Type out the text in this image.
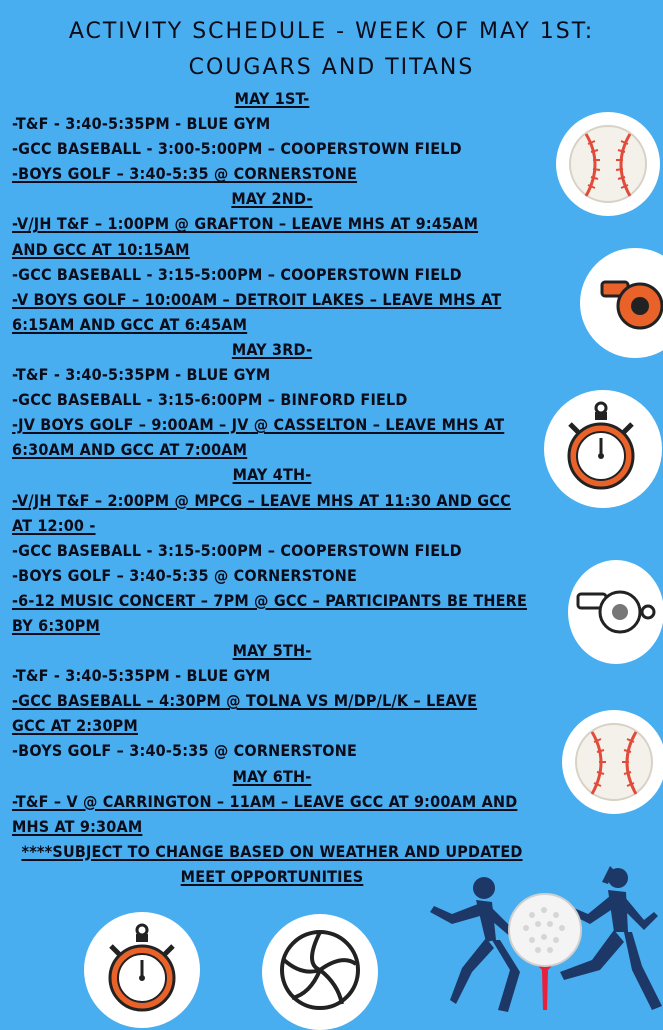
ACTIVITY SCHEDULE - WEEK OF MAY 1ST:
COUGARS AND TITANS
MAY 1ST-
-T&F - 3:40-5:35PM - BLUE GYM
-GCC BASEBALL - 3:00-5:00PM – COOPERSTOWN FIELD
-BOYS GOLF – 3:40-5:35 @ CORNERSTONE
MAY 2ND-
-V/JH T&F – 1:00PM @ GRAFTON – LEAVE MHS AT 9:45AM
AND GCC AT 10:15AM
-GCC BASEBALL - 3:15-5:00PM – COOPERSTOWN FIELD
-V BOYS GOLF – 10:00AM – DETROIT LAKES – LEAVE MHS AT
6:15AM AND GCC AT 6:45AM
MAY 3RD-
-T&F - 3:40-5:35PM - BLUE GYM
-GCC BASEBALL - 3:15-6:00PM – BINFORD FIELD
-JV BOYS GOLF – 9:00AM – JV @ CASSELTON – LEAVE MHS AT
6:30AM AND GCC AT 7:00AM
MAY 4TH-
-V/JH T&F – 2:00PM @ MPCG – LEAVE MHS AT 11:30 AND GCC
AT 12:00 -
-GCC BASEBALL - 3:15-5:00PM – COOPERSTOWN FIELD
-BOYS GOLF – 3:40-5:35 @ CORNERSTONE
-6-12 MUSIC CONCERT – 7PM @ GCC – PARTICIPANTS BE THERE
BY 6:30PM
MAY 5TH-
-T&F - 3:40-5:35PM - BLUE GYM
-GCC BASEBALL – 4:30PM @ TOLNA VS M/DP/L/K – LEAVE
GCC AT 2:30PM
-BOYS GOLF – 3:40-5:35 @ CORNERSTONE
MAY 6TH-
-T&F – V @ CARRINGTON – 11AM – LEAVE GCC AT 9:00AM AND
MHS AT 9:30AM
****SUBJECT TO CHANGE BASED ON WEATHER AND UPDATED
MEET OPPORTUNITIES
